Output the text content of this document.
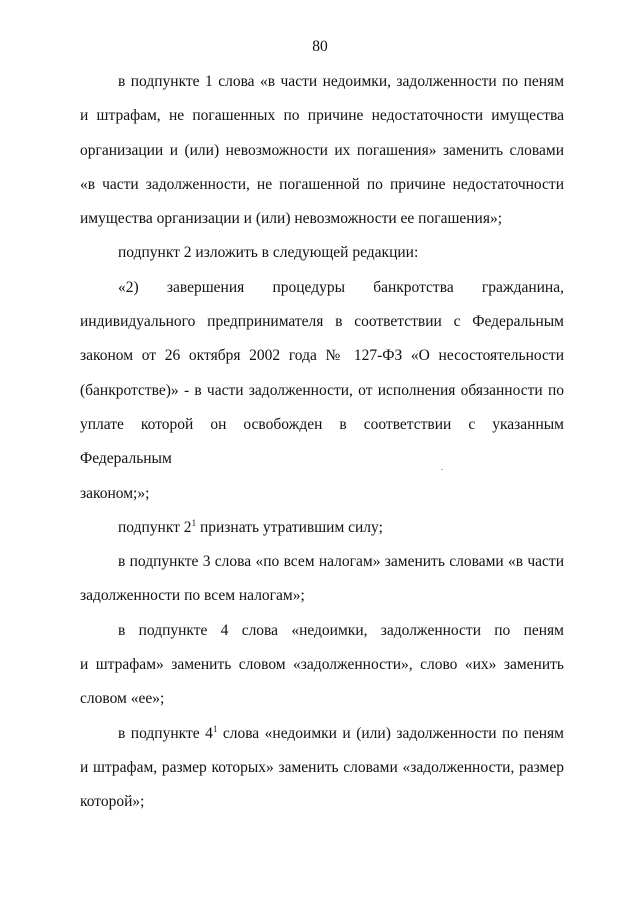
80

в подпункте 1 слова «в части недоимки, задолженности по пеням
и штрафам, не погашенных по причине недостаточности имущества
организации и (или) невозможности их погашения» заменить словами
«в части задолженности, не погашенной по причине недостаточности
имущества организации и (или) невозможности ее погашения»;

подпункт 2 изложить в следующей редакции:

«2) завершения процедуры банкротства гражданина,
индивидуального предпринимателя в соответствии с Федеральным
законом от 26 октября 2002 года № 127-ФЗ «О несостоятельности
(банкротстве)» - в части задолженности, от исполнения обязанности по
уплате которой он освобожден в соответствии с указанным Федеральным
законом;»;

подпункт $2^1$ признать утратившим силу;

в подпункте 3 слова «по всем налогам» заменить словами «в части
задолженности по всем налогам»;

в подпункте 4 слова «недоимки, задолженности по пеням
и штрафам» заменить словом «задолженности», слово «их» заменить
словом «ее»;

в подпункте $4^1$ слова «недоимки и (или) задолженности по пеням
и штрафам, размер которых» заменить словами «задолженности, размер
которой»;
